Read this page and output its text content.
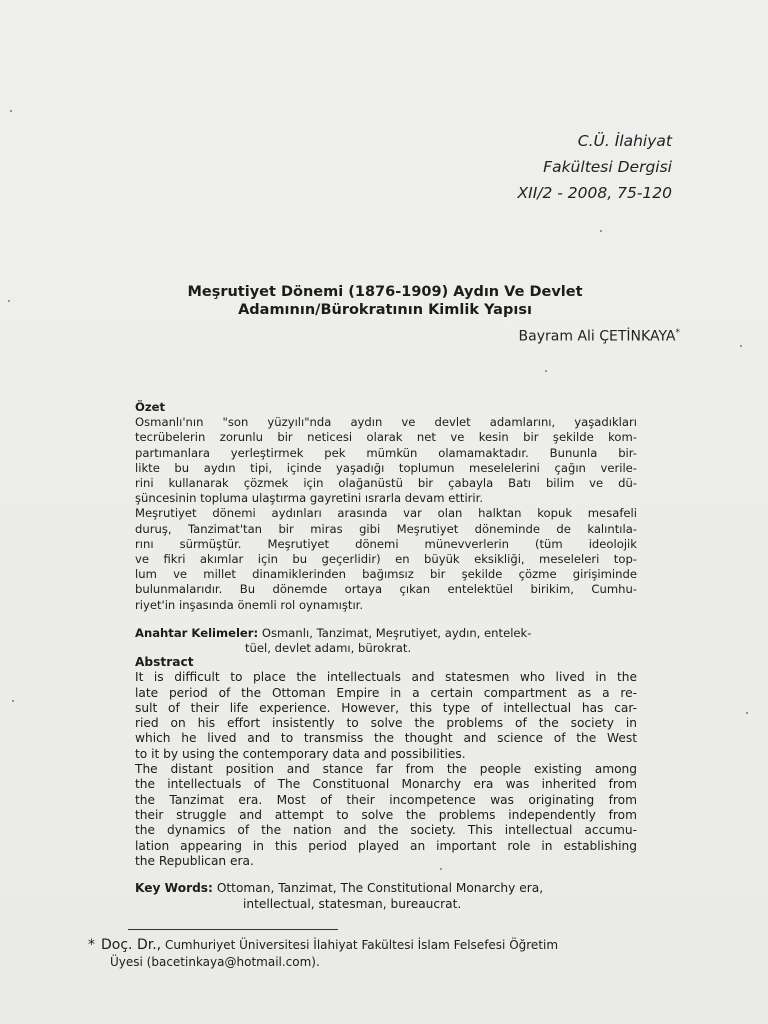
C.Ü. İlahiyat
Fakültesi Dergisi
XII/2 - 2008, 75-120
Meşrutiyet Dönemi (1876-1909) Aydın Ve Devlet
Adamının/Bürokratının Kimlik Yapısı
Bayram Ali ÇETİNKAYA*
Özet
Osmanlı'nın "son yüzyılı"nda aydın ve devlet adamlarını, yaşadıkları
tecrübelerin zorunlu bir neticesi olarak net ve kesin bir şekilde kom-
partımanlara yerleştirmek pek mümkün olamamaktadır. Bununla bir-
likte bu aydın tipi, içinde yaşadığı toplumun meselelerini çağın verile-
rini kullanarak çözmek için olağanüstü bir çabayla Batı bilim ve dü-
şüncesinin topluma ulaştırma gayretini ısrarla devam ettirir.
Meşrutiyet dönemi aydınları arasında var olan halktan kopuk mesafeli
duruş, Tanzimat'tan bir miras gibi Meşrutiyet döneminde de kalıntıla-
rını sürmüştür. Meşrutiyet dönemi münevverlerin (tüm ideolojik
ve fikri akımlar için bu geçerlidir) en büyük eksikliği, meseleleri top-
lum ve millet dinamiklerinden bağımsız bir şekilde çözme girişiminde
bulunmalarıdır. Bu dönemde ortaya çıkan entelektüel birikim, Cumhu-
riyet'in inşasında önemli rol oynamıştır.
Anahtar Kelimeler: Osmanlı, Tanzimat, Meşrutiyet, aydın, entelek-
tüel, devlet adamı, bürokrat.
Abstract
It is difficult to place the intellectuals and statesmen who lived in the
late period of the Ottoman Empire in a certain compartment as a re-
sult of their life experience. However, this type of intellectual has car-
ried on his effort insistently to solve the problems of the society in
which he lived and to transmiss the thought and science of the West
to it by using the contemporary data and possibilities.
The distant position and stance far from the people existing among
the intellectuals of The Constituonal Monarchy era was inherited from
the Tanzimat era. Most of their incompetence was originating from
their struggle and attempt to solve the problems independently from
the dynamics of the nation and the society. This intellectual accumu-
lation appearing in this period played an important role in establishing
the Republican era.
Key Words: Ottoman, Tanzimat, The Constitutional Monarchy era,
intellectual, statesman, bureaucrat.
* Doç. Dr., Cumhuriyet Üniversitesi İlahiyat Fakültesi İslam Felsefesi Öğretim
Üyesi (bacetinkaya@hotmail.com).
